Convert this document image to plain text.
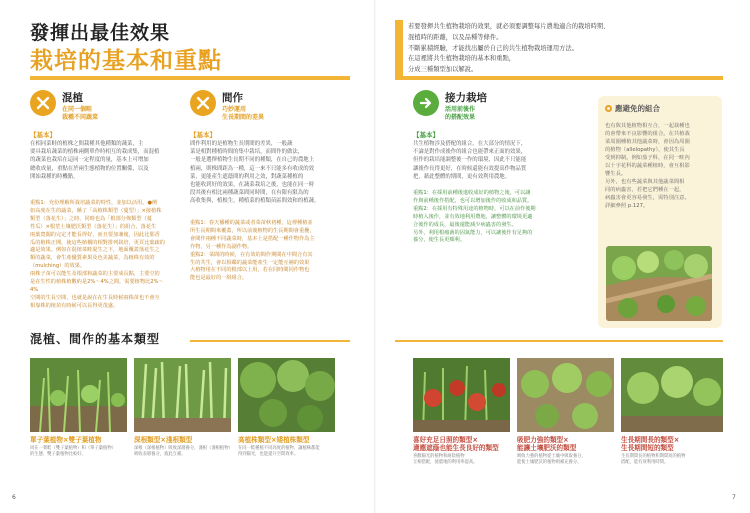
發揮出最佳效果
栽培的基本和重點
若要發揮共生植物栽培的效果，就必須要調整每片農地適合的栽培時期、
混植時的距離，以及品種等條件。
不斷累積經驗，才能找出屬於自己的共生植物栽培運用方法。
在這裡將共生植物栽培的基本和重點，
分成三種類型加以解說。
混植
在同一個畦
栽種不同蔬菜
【基本】
在相同菜畦的植株之間栽種其他種類的蔬菜，主
要具栽培蔬菜的植株兩側單作時相互的栽成集，而混植
的蔬菜也栽培在這同一定程度的量，基本上可增加
總收成量，重點在於兩生態植物的位置關係，以及
開始栽種的時機點。
重點1：充份理解所栽培蔬菜的特性，並加以活用。●例
如高度在生的蔬菜，稱了「高植株類型（蔓型）」×接植株
類型（落花生）」之時，同時也為「根部分佈類型（蔓
性瓜）×根莖土壤肥沃類型（落花生）」的組合，落花生
兩葉寬闊的完定才能長得好，而且要加兼後，因此比那香
瓜的植株正開，使這些植橫的相對排列栽培，更頁比葉疏的
適是效果。例如在混植菜畦混生之下，地面覆蓋落花生之
類的蔬菜，會生產優質素果及色美蔬菜，為植株有效的
（mulching）的效果。
兩株子苗可以能生及根部和蔬菜的主要成長點，主要空的
是在生性的植株植數約是2%～4%之間，需要植物比2%～4%
空間的生長空間，也就是說在在生長時候兩株苗也不會互
相靠株的植苗有時候可以長得更茂盛。
間作
巧妙運用
生長期間的差異
【基本】
間作利用的是植物生長期間的差異，一般蔬
菜是相對種植時間的集中栽培，而間作的做法，
一般是選擇植物生長期不同的種類，在自己的農地上
植兩，則株間距為一種，這一來不只能多有收成的效
菜，更能產生遮蔭間的利用之效，對蔬菜種植的
也能收到好的效果，在蔬菜栽培之後，也能在同一時
段其後有相比兩種蔬菜間同時間，在有限有限為的
高收集與，植根生，種植菜的植類苗區間效和的植蔬。
重點1：春天播種的蔬菜或者菜苗秋初種，這裡種植並
所生長期間來覆蓋，所以前後植物的生長期間會重疊，
會間作兩種不同蔬菜時，基本上是搭配一種作物作為主
作物，另一種作為副作物。
重點2：菜間的時候，在有效的間作期間在中間合有其
生的共生，會以相鄰的蔬菜能產生一定能互補的效果
大植物用在不同的根部以上用，若在同時間同作物也
能也是最好的一組組合。
接力栽培
活用前後作
的搭配效果
【基本】
共生植物涉及搭配的組合。在大部分的情況下，
不論是對作成後作的組合也能帶來正面的效果，
但作的栽培能調整後一作的環境，因此不只能能
讓後作長得更好，在時候還能有效提高作物品質
把，藉此整體的期間，更有效利用農地。
重點1：在採用前種後進收成好的植物之後，可以讓
作與前種後作搭配，也可以增加後作的收成和品質。
重點2：在採用有特殊用途的植物時，可以在前作後期
時植入後作，並有效地利用農地，讓整體的環境更適
合後作的成長，最後還能減少病蟲害的發生。
另外，利用根瘤菌的固氮能力，可以讓後作有足夠的
養分，使生長更順利。
應避免的組合
也有與其他植物相互合，一起栽種也
的會帶來不良影響的組合。在共植栽
菜周圍種植其他蔬菜時，會因為周圍
的植物（allelopathy），使其生長
受到抑制。例如茄子科，在同一畦內
以十字花科的蔬菜種植時，會互相影
響生長。
另外，也有些蔬菜與其他蔬菜間相
同的病蟲害，若把它們種在一起，
病蟲害會更容易發生，需特別注意。
詳細參照 p.127。
混植、間作的基本類型
單子葉植物×雙子葉植物
同在一菜畦（雙子葉植物）和（單子葉植物）
的生態，雙子葉植物比較好。
深根類型×淺根類型
深根（深根植物）吸收深層養分，淺根（淺根植物）
吸收表層養分，彼此互補。
高植株類型×矮植株類型
在同一畦種植不同高度的植物，讓植株都能
得到陽光，也能提升空間效率。
喜好充足日照的類型×
適應遮蔭也能生長良好的類型
喜歡陽光的植物和耐陰植物
互相搭配，使農地的利用率提高。
吸肥力強的類型×
能讓土壤肥沃的類型
吸收力強的植物從土壤中吸取養分，
能使土壤肥沃的植物則補充養分。
生長期間長的類型×
生長期間短的類型
生長期間長的植物和期間短的植物
搭配，能有效利用時間。
6	7
